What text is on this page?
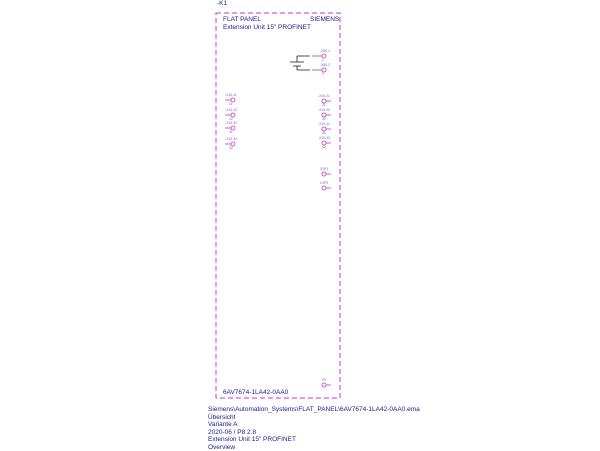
-K1
FLAT PANEL
Extension Unit 15" PROFINET
SIEMENS
-X10.11
11
-X10.12
12
-X10.31
31
-X10.32
32
-X80.1
1
-X80.2
2
-X10.21
21
-X10.22
22
-X10.41
41
-X10.42
42
X1P1
X1P2
PE
6AV7674-1LA42-0AA0
Siemens\Automation_Systems\FLAT_PANEL\6AV7674-1LA42-0AA0.ema
Übersicht
Variante A
2020-06 / P8 2.8
Extension Unit 15" PROFINET
Overview
